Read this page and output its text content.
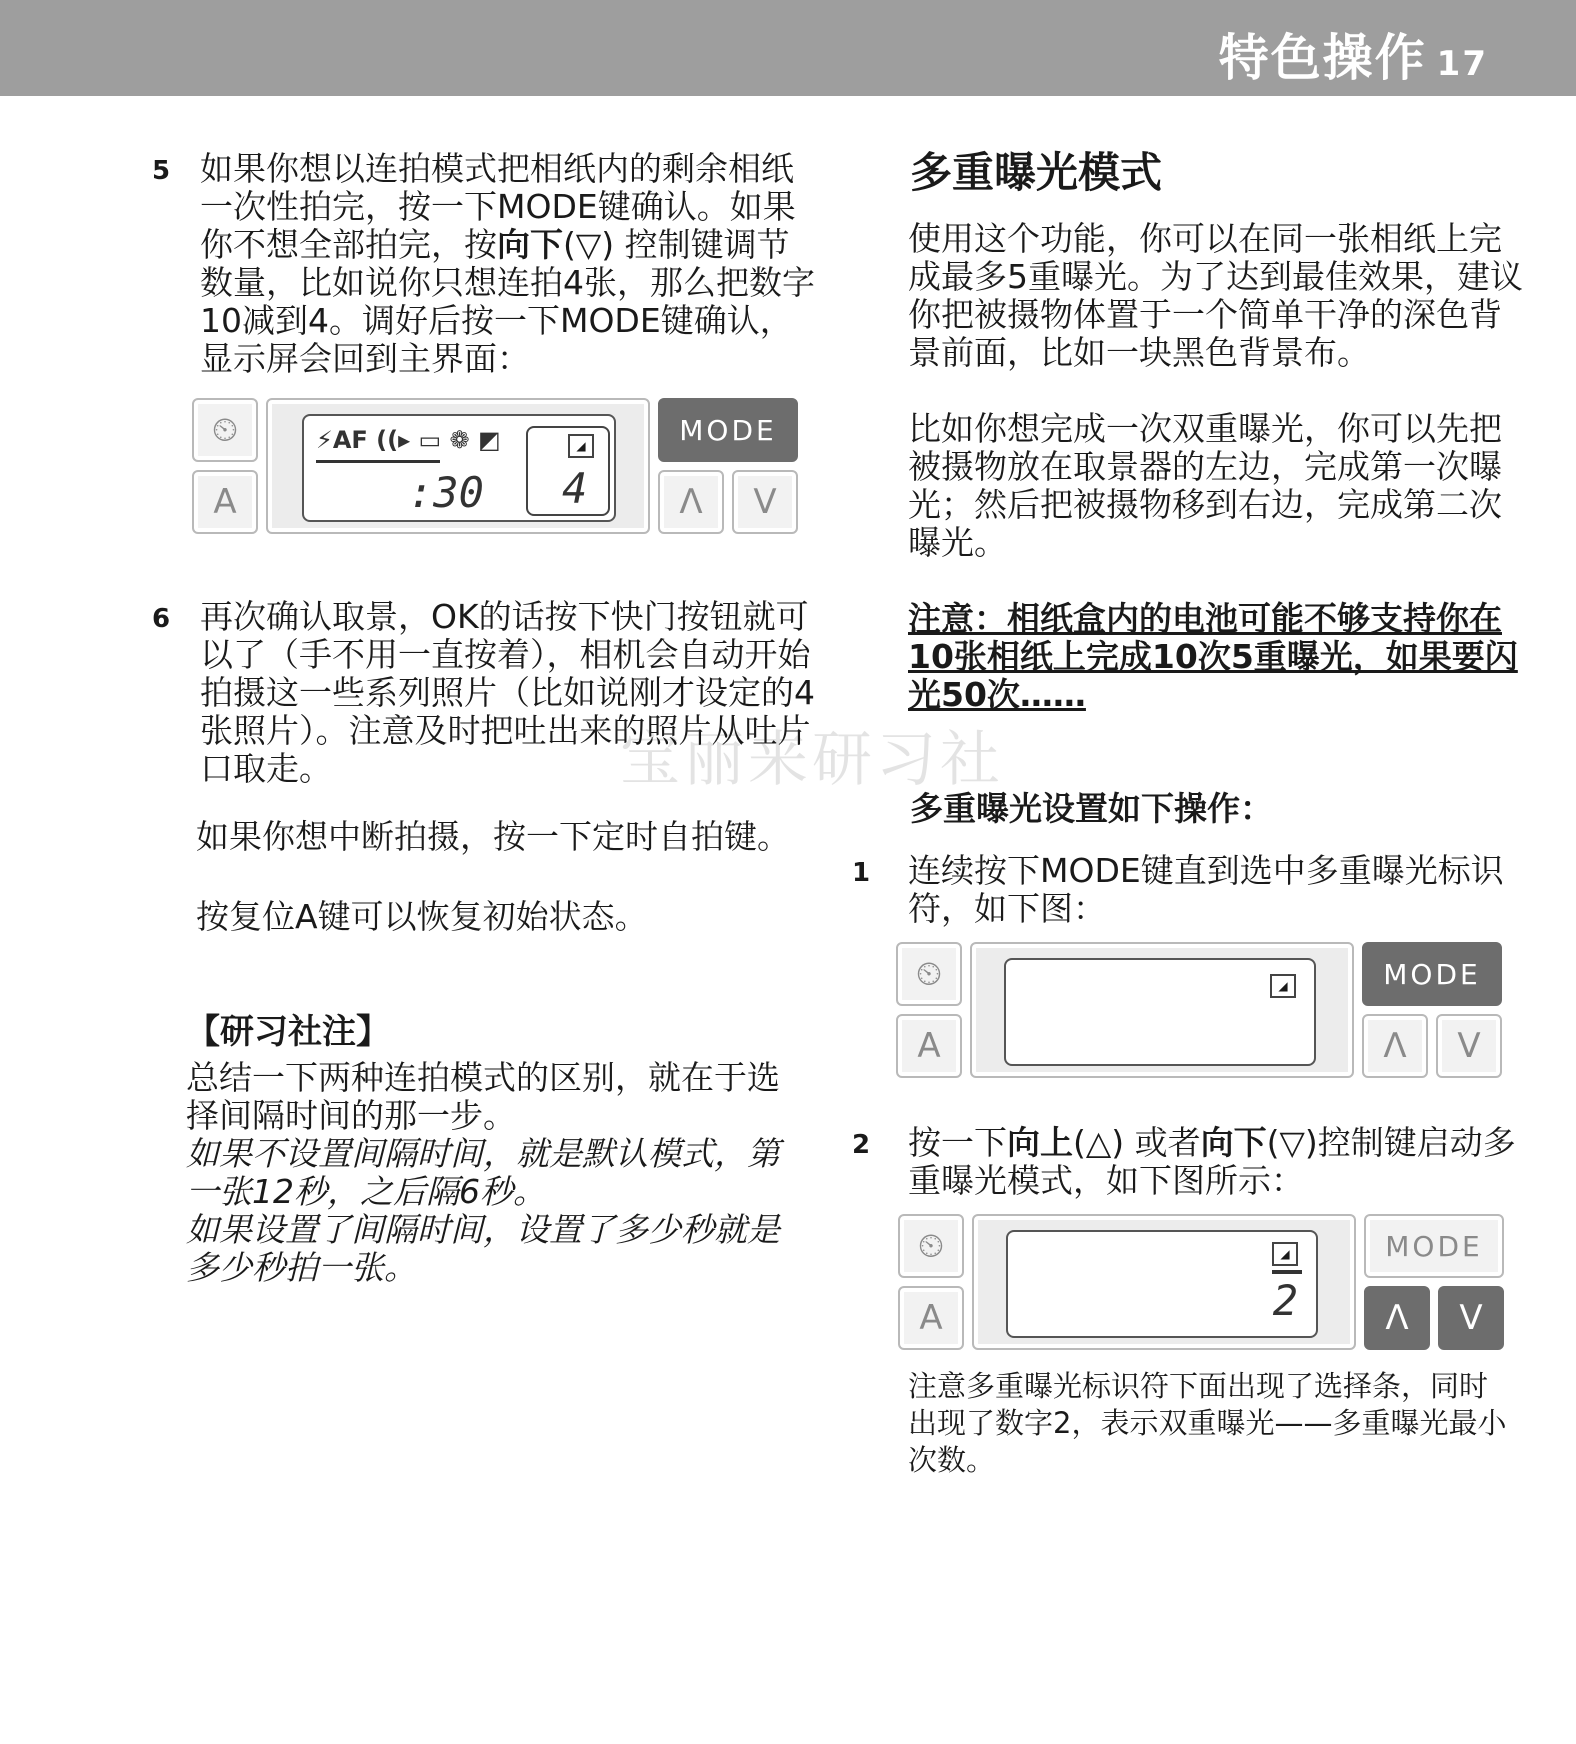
特色操作 17
宝丽来研习社
5 如果你想以连拍模式把相纸内的剩余相纸一次性拍完，按一下MODE键确认。如果你不想全部拍完，按向下(▽) 控制键调节数量，比如说你只想连拍4张，那么把数字10减到4。调好后按一下MODE键确认，显示屏会回到主界面：
⏲
A
⚡AF ((▸ ▭ ❁ ◩
:30
◢
4
MODE
Λ	V
6 再次确认取景，OK的话按下快门按钮就可以了（手不用一直按着），相机会自动开始拍摄这一些系列照片（比如说刚才设定的4张照片）。注意及时把吐出来的照片从吐片口取走。
如果你想中断拍摄，按一下定时自拍键。
按复位A键可以恢复初始状态。
【研习社注】
总结一下两种连拍模式的区别，就在于选择间隔时间的那一步。
如果不设置间隔时间，就是默认模式，第一张12秒，之后隔6秒。
如果设置了间隔时间，设置了多少秒就是多少秒拍一张。
多重曝光模式
使用这个功能，你可以在同一张相纸上完成最多5重曝光。为了达到最佳效果，建议你把被摄物体置于一个简单干净的深色背景前面，比如一块黑色背景布。
比如你想完成一次双重曝光，你可以先把被摄物放在取景器的左边，完成第一次曝光；然后把被摄物移到右边，完成第二次曝光。
注意：相纸盒内的电池可能不够支持你在10张相纸上完成10次5重曝光，如果要闪光50次……
多重曝光设置如下操作：
1 连续按下MODE键直到选中多重曝光标识符，如下图：
⏲
A
◢	MODE
Λ	V
2 按一下向上(△) 或者向下(▽)控制键启动多重曝光模式，如下图所示：
⏲
A
◢
2
MODE
Λ	V
注意多重曝光标识符下面出现了选择条，同时出现了数字2，表示双重曝光——多重曝光最小次数。
